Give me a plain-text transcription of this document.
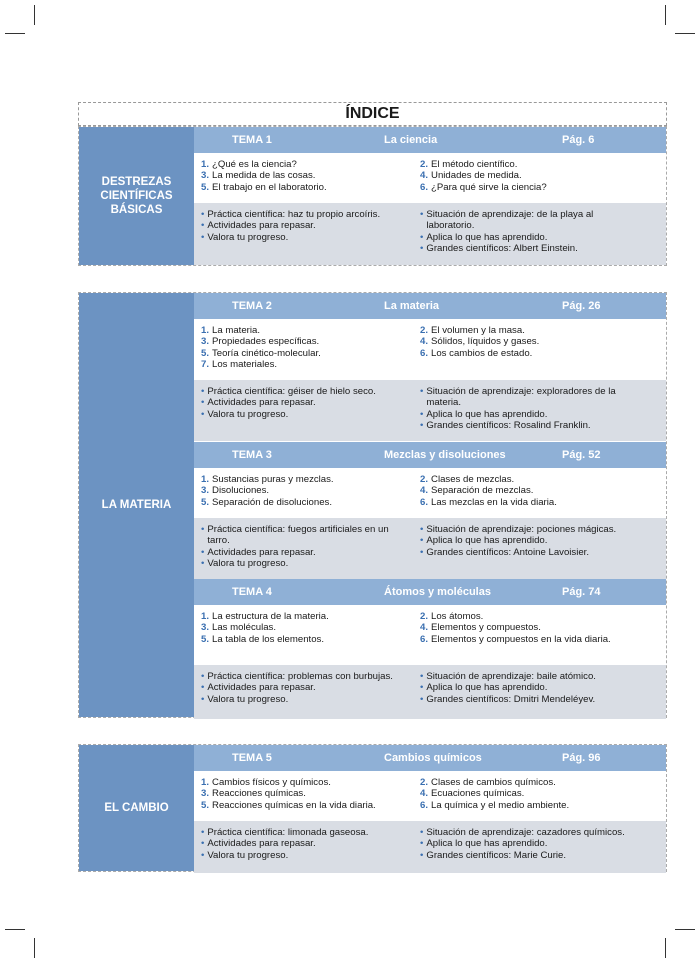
ÍNDICE
DESTREZAS
CIENTÍFICAS
BÁSICAS
TEMA 1	La ciencia	Pág. 6
1. ¿Qué es la ciencia?
3. La medida de las cosas.
5. El trabajo en el laboratorio.
2. El método científico.
4. Unidades de medida.
6. ¿Para qué sirve la ciencia?
• Práctica científica: haz tu propio arcoíris.
• Actividades para repasar.
• Valora tu progreso.
• Situación de aprendizaje: de la playa al laboratorio.
• Aplica lo que has aprendido.
• Grandes científicos: Albert Einstein.
LA MATERIA
TEMA 2	La materia	Pág. 26
1. La materia.
3. Propiedades específicas.
5. Teoría cinético-molecular.
7. Los materiales.
2. El volumen y la masa.
4. Sólidos, líquidos y gases.
6. Los cambios de estado.
• Práctica científica: géiser de hielo seco.
• Actividades para repasar.
• Valora tu progreso.
• Situación de aprendizaje: exploradores de la materia.
• Aplica lo que has aprendido.
• Grandes científicos: Rosalind Franklin.
TEMA 3	Mezclas y disoluciones	Pág. 52
1. Sustancias puras y mezclas.
3. Disoluciones.
5. Separación de disoluciones.
2. Clases de mezclas.
4. Separación de mezclas.
6. Las mezclas en la vida diaria.
• Práctica científica: fuegos artificiales en un tarro.
• Actividades para repasar.
• Valora tu progreso.
• Situación de aprendizaje: pociones mágicas.
• Aplica lo que has aprendido.
• Grandes científicos: Antoine Lavoisier.
TEMA 4	Átomos y moléculas	Pág. 74
1. La estructura de la materia.
3. Las moléculas.
5. La tabla de los elementos.
2. Los átomos.
4. Elementos y compuestos.
6. Elementos y compuestos en la vida diaria.
• Práctica científica: problemas con burbujas.
• Actividades para repasar.
• Valora tu progreso.
• Situación de aprendizaje: baile atómico.
• Aplica lo que has aprendido.
• Grandes científicos: Dmitri Mendeléyev.
EL CAMBIO
TEMA 5	Cambios químicos	Pág. 96
1. Cambios físicos y químicos.
3. Reacciones químicas.
5. Reacciones químicas en la vida diaria.
2. Clases de cambios químicos.
4. Ecuaciones químicas.
6. La química y el medio ambiente.
• Práctica científica: limonada gaseosa.
• Actividades para repasar.
• Valora tu progreso.
• Situación de aprendizaje: cazadores químicos.
• Aplica lo que has aprendido.
• Grandes científicos: Marie Curie.
